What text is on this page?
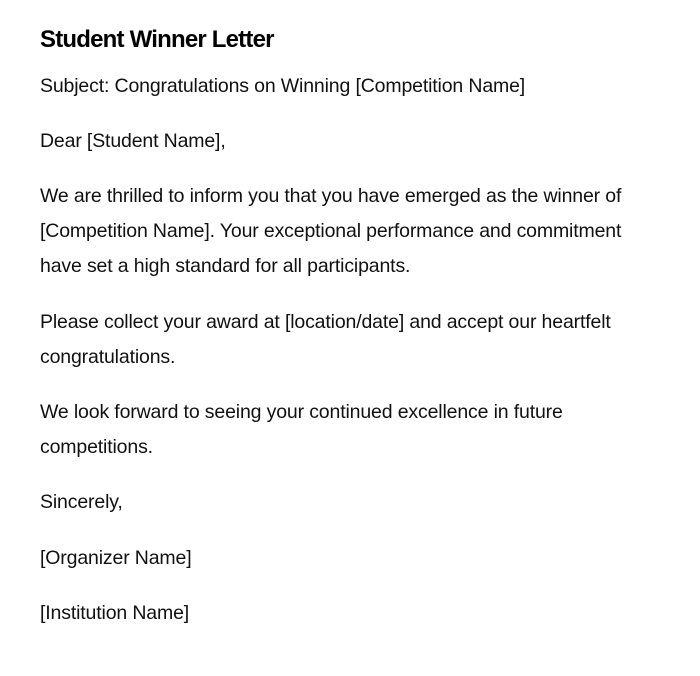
Student Winner Letter

Subject: Congratulations on Winning [Competition Name]

Dear [Student Name],

We are thrilled to inform you that you have emerged as the winner of [Competition Name]. Your exceptional performance and commitment have set a high standard for all participants.

Please collect your award at [location/date] and accept our heartfelt congratulations.

We look forward to seeing your continued excellence in future competitions.

Sincerely,

[Organizer Name]

[Institution Name]
